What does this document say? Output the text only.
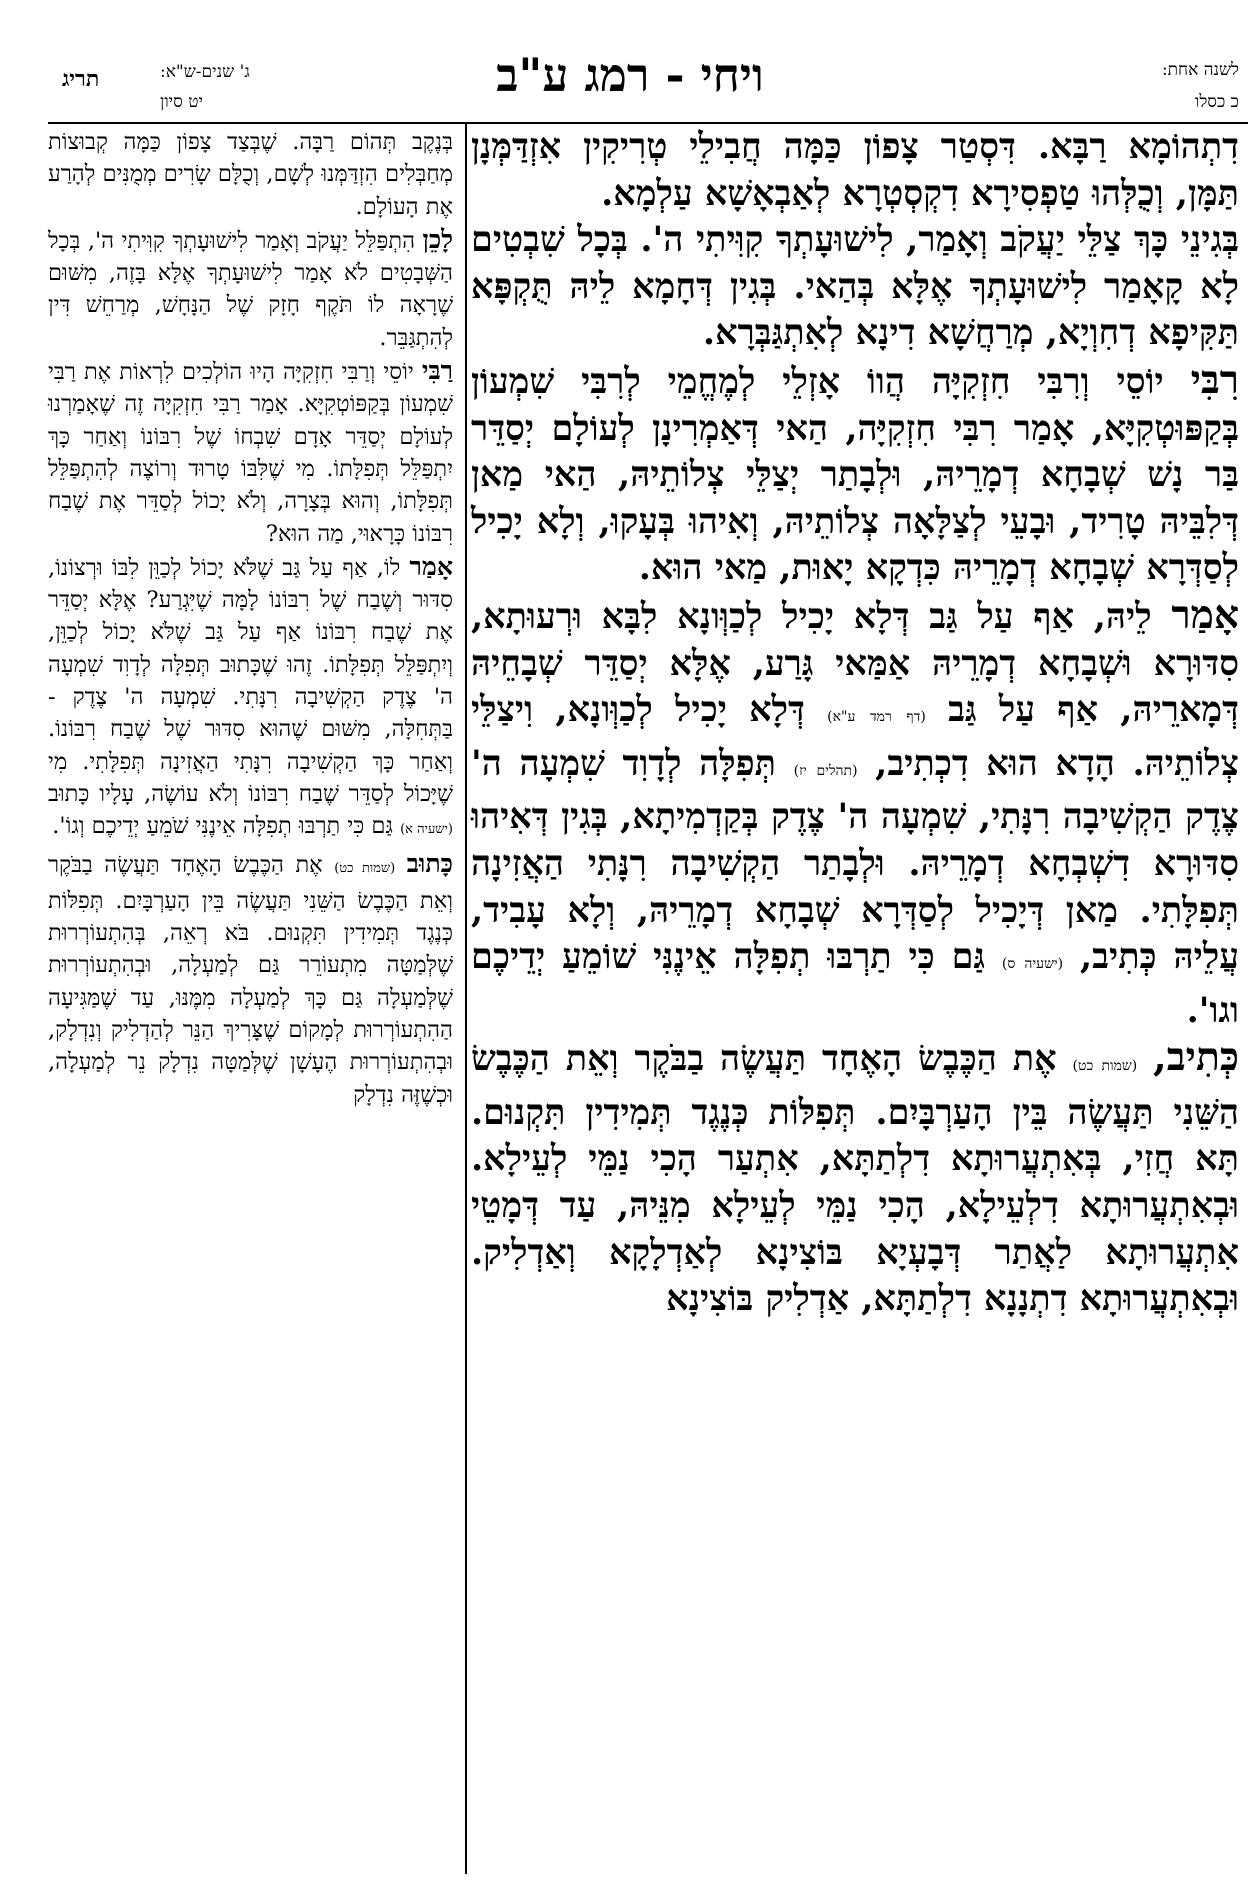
לשנה אחת:
כ כסלו
ויחי - רמג ע"ב
ג' שנים-ש"א:
יט סיון
תריג

דִתְהוֹמָא רַבָּא. דִּסְטַר צָפוֹן כַּמָּה חֲבִילֵי טְרִיקִין אִזְדַּמְּנָן תַּמָּן, וְכֻלְּהוּ טַפְסִירָא דִקְסְטְרָא לְאַבְאָשָׁא עַלְמָא.

בְּגִינֵי כָּךְ צַלֵּי יַעֲקֹב וְאָמַר, לִישׁוּעָתְךָ קִוִּיתִי ה'. בְּכָל שִׁבְטִים לָא קָאָמַר לִישׁוּעָתְךָ אֶלָּא בְּהַאי. בְּגִין דְּחָמָא לֵיהּ תֻּקְפָּא תַּקִּיפָא דְחִוְיָא, מְרַחֲשָׁא דִינָא לְאִתְגַּבְּרָא.

רִבִּי יוֹסֵי וְרִבִּי חִזְקִיָּה הֲווֹ אָזְלֵי לְמֶחֱמֵי לְרִבִּי שִׁמְעוֹן בְּקַפּוּטְקִיָּא, אָמַר רִבִּי חִזְקִיָּה, הַאי דְּאַמְרִינָן לְעוֹלָם יְסַדֵּר בַּר נָשׁ שְׁבָחָא דְמָרֵיהּ, וּלְבָתַר יְצַלֵּי צְלוֹתֵיהּ, הַאי מַאן דְּלִבֵּיהּ טָרִיד, וּבָעֵי לְצַלָּאָה צְלוֹתֵיהּ, וְאִיהוּ בְּעָקוּ, וְלָא יָכִיל לְסַדְּרָא שְׁבָחָא דְמָרֵיהּ כִּדְקָא יָאוּת, מַאי הוּא.

אָמַר לֵיהּ, אַף עַל גַּב דְּלָא יָכִיל לְכַוְּונָא לִבָּא וּרְעוּתָא, סִדּוּרָא וּשְׁבָחָא דְמָרֵיהּ אַמַּאי גָּרַע, אֶלָּא יְסַדֵּר שְׁבָחֵיהּ דְּמָארֵיהּ, אַף עַל גַּב (דף רמד ע"א) דְּלָא יָכִיל לְכַוְּונָא, וִיצַלֵּי צְלוֹתֵיהּ. הָדָא הוּא דִכְתִיב, (תהלים יז) תְּפִלָּה לְדָוִד שִׁמְעָה ה' צֶדֶק הַקְשִׁיבָה רִנָּתִי, שִׁמְעָה ה' צֶדֶק בְּקַדְמִיתָא, בְּגִין דְּאִיהוּ סִדּוּרָא דִשְׁבְחָא דְמָרֵיהּ. וּלְבָתַר הַקְשִׁיבָה רִנָּתִי הַאֲזִינָה תְּפִלָּתִי. מַאן דְּיָכִיל לְסַדְּרָא שְׁבָחָא דְמָרֵיהּ, וְלָא עָבִיד, עֲלֵיהּ כְּתִיב, (ישעיה ס) גַּם כִּי תַרְבּוּ תְפִלָּה אֵינֶנִּי שׁוֹמֵעַ יְדֵיכֶם וגו'.

כְּתִיב, (שמות כט) אֶת הַכֶּבֶשׂ הָאֶחָד תַּעֲשֶׂה בַבֹּקֶר וְאֵת הַכֶּבֶשׂ הַשֵּׁנִי תַּעֲשֶׂה בֵּין הָעַרְבָּיִם. תְּפִלּוֹת כְּנֶגֶד תְּמִידִין תִּקְנוּם. תָּא חֲזִי, בְּאִתְעֲרוּתָא דִלְתַתָּא, אִתְעַר הָכִי נַמֵּי לְעֵילָא. וּבְאִתְעֲרוּתָא דִלְעֵילָא, הָכִי נַמֵּי לְעֵילָא מִנֵּיהּ, עַד דְּמָטֵי אִתְעֲרוּתָא לַאֲתַר דְּבָעְיָא בּוֹצִינָא לְאַדְלָקָא וְאַדְלִיק. וּבְאִתְעֲרוּתָא דִתְנָנָא דִלְתַתָּא, אַדְלִיק בּוֹצִינָא

בְּנֶקֶב תְּהוֹם רַבָּה. שֶׁבְּצַד צָפוֹן כַּמָּה קְבוּצוֹת מְחַבְּלִים הִזְדַּמְּנוּ לְשָׁם, וְכֻלָּם שָׂרִים מְמֻנִּים לְהָרַע אֶת הָעוֹלָם.

לָכֵן הִתְפַּלֵּל יַעֲקֹב וְאָמַר לִישׁוּעָתְךָ קִוִּיתִי ה', בְּכָל הַשְּׁבָטִים לֹא אָמַר לִישׁוּעָתְךָ אֶלָּא בָּזֶה, מִשּׁוּם שֶׁרָאָה לוֹ תֹּקֶף חָזָק שֶׁל הַנָּחָשׁ, מְרַחֵשׁ דִּין לְהִתְגַּבֵּר.

רַבִּי יוֹסֵי וְרַבִּי חִזְקִיָּה הָיוּ הוֹלְכִים לִרְאוֹת אֶת רַבִּי שִׁמְעוֹן בְּקַפּוֹטְקִיָּא. אָמַר רַבִּי חִזְקִיָּה זֶה שֶׁאָמַרְנוּ לְעוֹלָם יְסַדֵּר אָדָם שִׁבְחוֹ שֶׁל רִבּוֹנוֹ וְאַחַר כָּךְ יִתְפַּלֵּל תְּפִלָּתוֹ. מִי שֶׁלִּבּוֹ טָרוּד וְרוֹצֶה לְהִתְפַּלֵּל תְּפִלָּתוֹ, וְהוּא בְּצָרָה, וְלֹא יָכוֹל לְסַדֵּר אֶת שֶׁבַח רִבּוֹנוֹ כָּרָאוּי, מַה הוּא?

אָמַר לוֹ, אַף עַל גַּב שֶׁלֹּא יָכוֹל לְכַוֵּן לִבּוֹ וּרְצוֹנוֹ, סִדּוּר וְשֶׁבַח שֶׁל רִבּוֹנוֹ לָמָּה שֶׁיִּגְרַע? אֶלָּא יְסַדֵּר אֶת שֶׁבַח רִבּוֹנוֹ אַף עַל גַּב שֶׁלֹּא יָכוֹל לְכַוֵּן, וְיִתְפַּלֵּל תְּפִלָּתוֹ. זֶהוּ שֶׁכָּתוּב תְּפִלָּה לְדָוִד שִׁמְעָה ה' צֶדֶק הַקְשִׁיבָה רִנָּתִי. שִׁמְעָה ה' צֶדֶק - בַּתְּחִלָּה, מִשּׁוּם שֶׁהוּא סִדּוּר שֶׁל שֶׁבַח רִבּוֹנוֹ. וְאַחַר כָּךְ הַקְשִׁיבָה רִנָּתִי הַאֲזִינָה תְּפִלָּתִי. מִי שֶׁיָּכוֹל לְסַדֵּר שֶׁבַח רִבּוֹנוֹ וְלֹא עוֹשֶׂה, עָלָיו כָּתוּב (ישעיה א) גַּם כִּי תַרְבּוּ תְפִלָּה אֵינֶנִּי שֹׁמֵעַ יְדֵיכֶם וְגוֹ'.

כָּתוּב (שמות כט) אֶת הַכֶּבֶשׂ הָאֶחָד תַּעֲשֶׂה בַבֹּקֶר וְאֵת הַכֶּבֶשׂ הַשֵּׁנִי תַּעֲשֶׂה בֵּין הָעַרְבָּיִם. תְּפִלּוֹת כְּנֶגֶד תְּמִידִין תִּקְנוּם. בֹּא רְאֵה, בְּהִתְעוֹרְרוּת שֶׁלְּמַטָּה מִתְעוֹרֵר גַּם לְמַעְלָה, וּבְהִתְעוֹרְרוּת שֶׁלְּמַעְלָה גַּם כָּךְ לְמַעְלָה מִמֶּנּוּ, עַד שֶׁמַּגִּיעָה הַהִתְעוֹרְרוּת לְמָקוֹם שֶׁצָּרִיךְ הַנֵּר לְהַדְלִיק וְנִדְלָק, וּבְהִתְעוֹרְרוּת הֶעָשָׁן שֶׁלְּמַטָּה נִדְלָק נֵר לְמַעְלָה, וּכְשֶׁזֶּה נִדְלָק
